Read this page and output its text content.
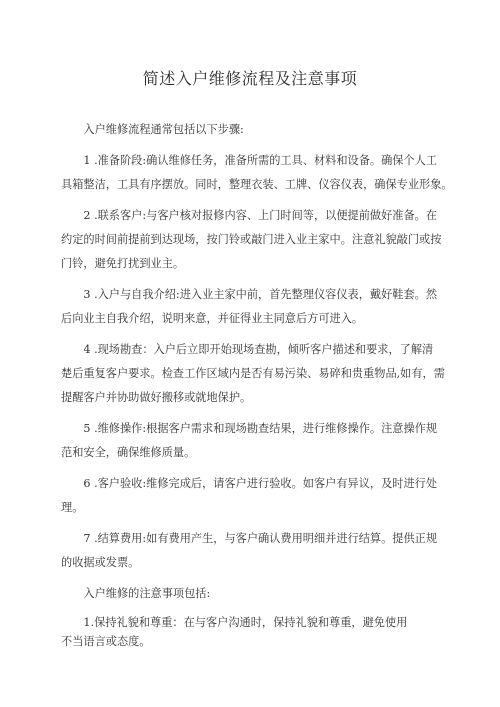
简述入户维修流程及注意事项

入户维修流程通常包括以下步骤:

1 .准备阶段:确认维修任务，准备所需的工具、材料和设备。确保个人工
具箱整洁，工具有序摆放。同时，整理衣装、工牌、仪容仪表，确保专业形象。
2 .联系客户:与客户核对报修内容、上门时间等，以便提前做好准备。在
约定的时间前提前到达现场，按门铃或敲门进入业主家中。注意礼貌敲门或按
门铃，避免打扰到业主。
3 .入户与自我介绍:进入业主家中前，首先整理仪容仪表，戴好鞋套。然
后向业主自我介绍，说明来意，并征得业主同意后方可进入。
4 .现场勘查：入户后立即开始现场查勘，倾听客户描述和要求，了解清
楚后重复客户要求。检查工作区域内是否有易污染、易碎和贵重物品,如有，需
提醒客户并协助做好搬移或就地保护。
5 .维修操作:根据客户需求和现场勘查结果，进行维修操作。注意操作规
范和安全，确保维修质量。
6 .客户验收:维修完成后，请客户进行验收。如客户有异议，及时进行处
理。
7 .结算费用:如有费用产生，与客户确认费用明细并进行结算。提供正规
的收据或发票。

入户维修的注意事项包括:

1.保持礼貌和尊重：在与客户沟通时，保持礼貌和尊重，避免使用
不当语言或态度。
